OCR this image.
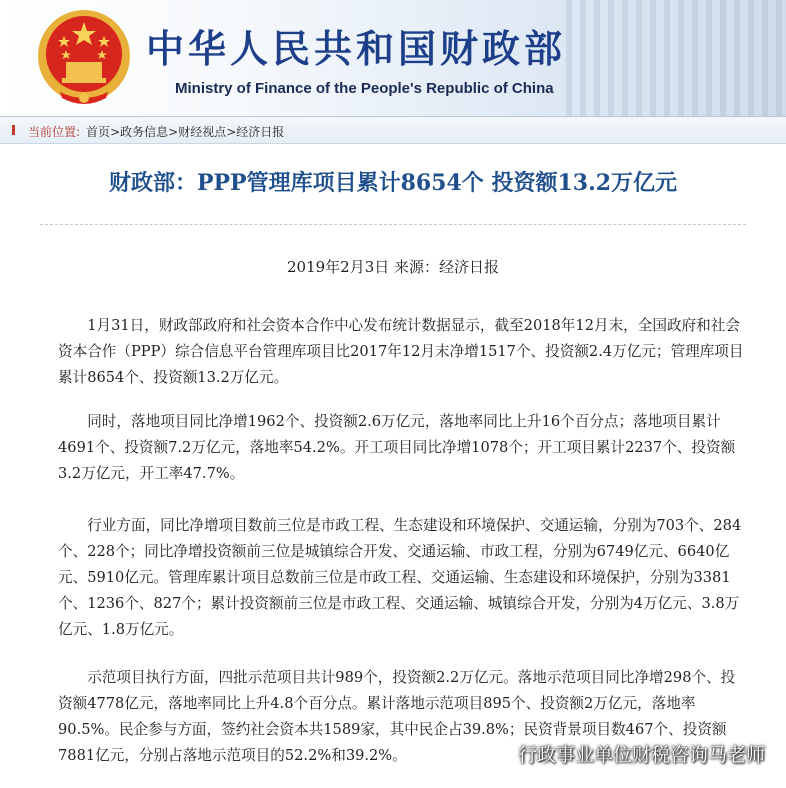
中华人民共和国财政部
Ministry of Finance of the People's Republic of China
当前位置: 首页>政务信息>财经视点>经济日报
财政部：PPP管理库项目累计8654个 投资额13.2万亿元
2019年2月3日 来源：经济日报

1月31日，财政部政府和社会资本合作中心发布统计数据显示，截至2018年12月末，全国政府和社会资本合作（PPP）综合信息平台管理库项目比2017年12月末净增1517个、投资额2.4万亿元；管理库项目累计8654个、投资额13.2万亿元。

同时，落地项目同比净增1962个、投资额2.6万亿元，落地率同比上升16个百分点；落地项目累计4691个、投资额7.2万亿元，落地率54.2%。开工项目同比净增1078个；开工项目累计2237个、投资额3.2万亿元，开工率47.7%。

行业方面，同比净增项目数前三位是市政工程、生态建设和环境保护、交通运输，分别为703个、284个、228个；同比净增投资额前三位是城镇综合开发、交通运输、市政工程，分别为6749亿元、6640亿元、5910亿元。管理库累计项目总数前三位是市政工程、交通运输、生态建设和环境保护，分别为3381个、1236个、827个；累计投资额前三位是市政工程、交通运输、城镇综合开发，分别为4万亿元、3.8万亿元、1.8万亿元。

示范项目执行方面，四批示范项目共计989个，投资额2.2万亿元。落地示范项目同比净增298个、投资额4778亿元，落地率同比上升4.8个百分点。累计落地示范项目895个、投资额2万亿元，落地率90.5%。民企参与方面，签约社会资本共1589家，其中民企占39.8%；民资背景项目数467个、投资额7881亿元，分别占落地示范项目的52.2%和39.2%。	行政事业单位财税咨询马老师
